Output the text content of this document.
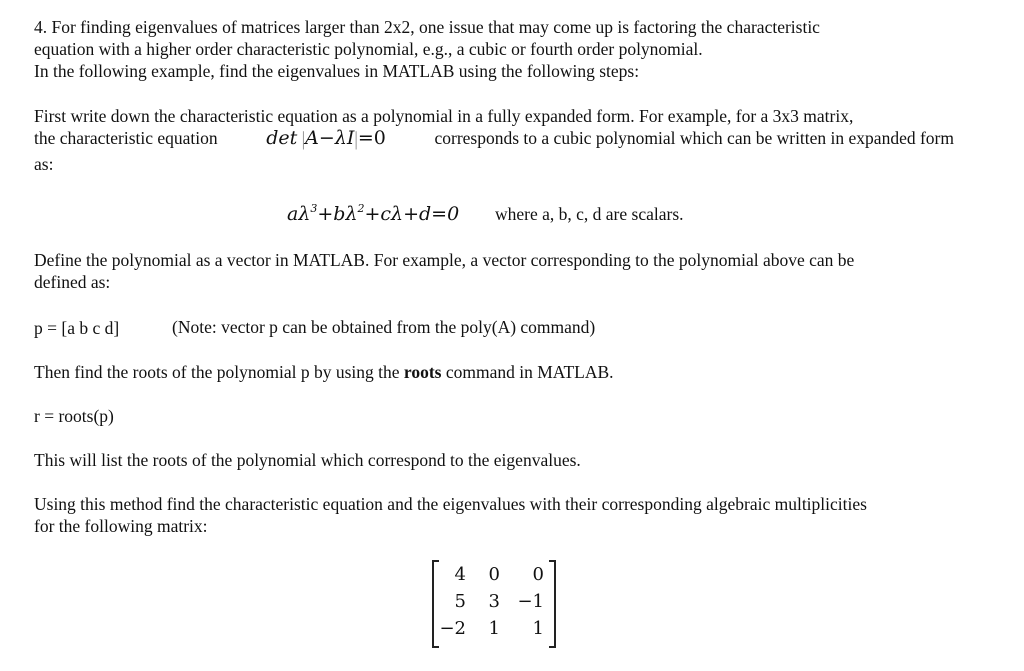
4. For finding eigenvalues of matrices larger than 2x2, one issue that may come up is factoring the characteristic
equation with a higher order characteristic polynomial, e.g., a cubic or fourth order polynomial.
In the following example, find the eigenvalues in MATLAB using the following steps:
First write down the characteristic equation as a polynomial in a fully expanded form. For example, for a 3x3 matrix,
the characteristic equation	det |A−λI|=0	corresponds to a cubic polynomial which can be written in expanded form
as:
$a\lambda^3+b\lambda^2+c\lambda+d=0$ where a, b, c, d are scalars.
Define the polynomial as a vector in MATLAB. For example, a vector corresponding to the polynomial above can be
defined as:
p = [a b c d]	(Note: vector p can be obtained from the poly(A) command)
Then find the roots of the polynomial p by using the roots command in MATLAB.
r = roots(p)
This will list the roots of the polynomial which correspond to the eigenvalues.
Using this method find the characteristic equation and the eigenvalues with their corresponding algebraic multiplicities
for the following matrix:
4	0	0
5	3 −1
−2	1	1
